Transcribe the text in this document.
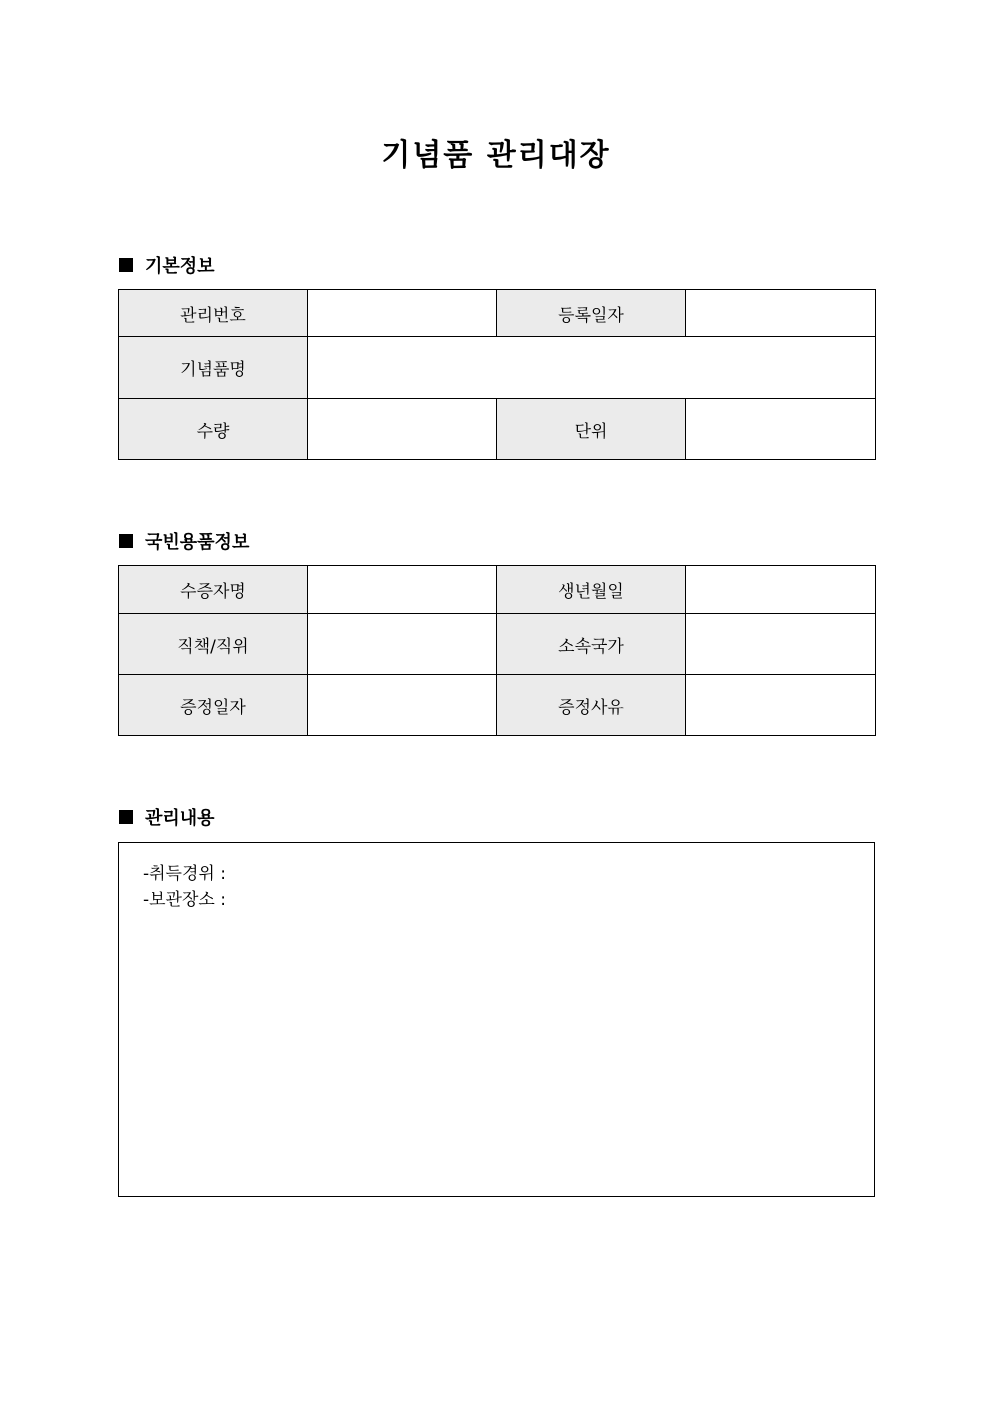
기념품 관리대장
기본정보
관리번호		등록일자	
기념품명			
수량		단위	
국빈용품정보
수증자명		생년월일	
직책/직위		소속국가	
증정일자		증정사유	
관리내용
-취득경위 :
-보관장소 :
